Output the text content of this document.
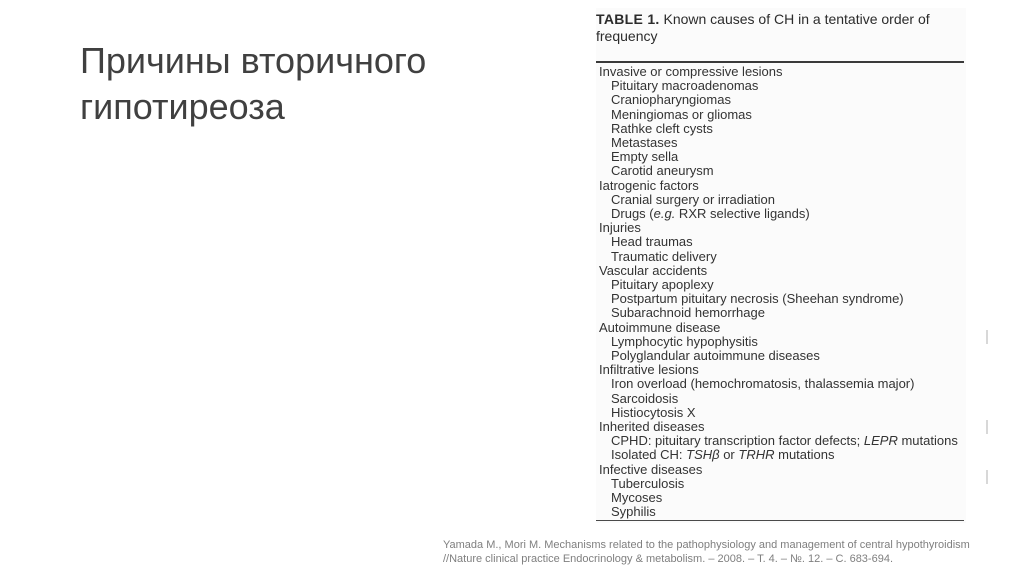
Причины вторичного гипотиреоза
TABLE 1. Known causes of CH in a tentative order of frequency
Invasive or compressive lesions
Pituitary macroadenomas
Craniopharyngiomas
Meningiomas or gliomas
Rathke cleft cysts
Metastases
Empty sella
Carotid aneurysm
Iatrogenic factors
Cranial surgery or irradiation
Drugs (e.g. RXR selective ligands)
Injuries
Head traumas
Traumatic delivery
Vascular accidents
Pituitary apoplexy
Postpartum pituitary necrosis (Sheehan syndrome)
Subarachnoid hemorrhage
Autoimmune disease
Lymphocytic hypophysitis
Polyglandular autoimmune diseases
Infiltrative lesions
Iron overload (hemochromatosis, thalassemia major)
Sarcoidosis
Histiocytosis X
Inherited diseases
CPHD: pituitary transcription factor defects; LEPR mutations
Isolated CH: TSHβ or TRHR mutations
Infective diseases
Tuberculosis
Mycoses
Syphilis
Yamada M., Mori M. Mechanisms related to the pathophysiology and management of central hypothyroidism
//Nature clinical practice Endocrinology & metabolism. – 2008. – T. 4. – №. 12. – С. 683-694.
